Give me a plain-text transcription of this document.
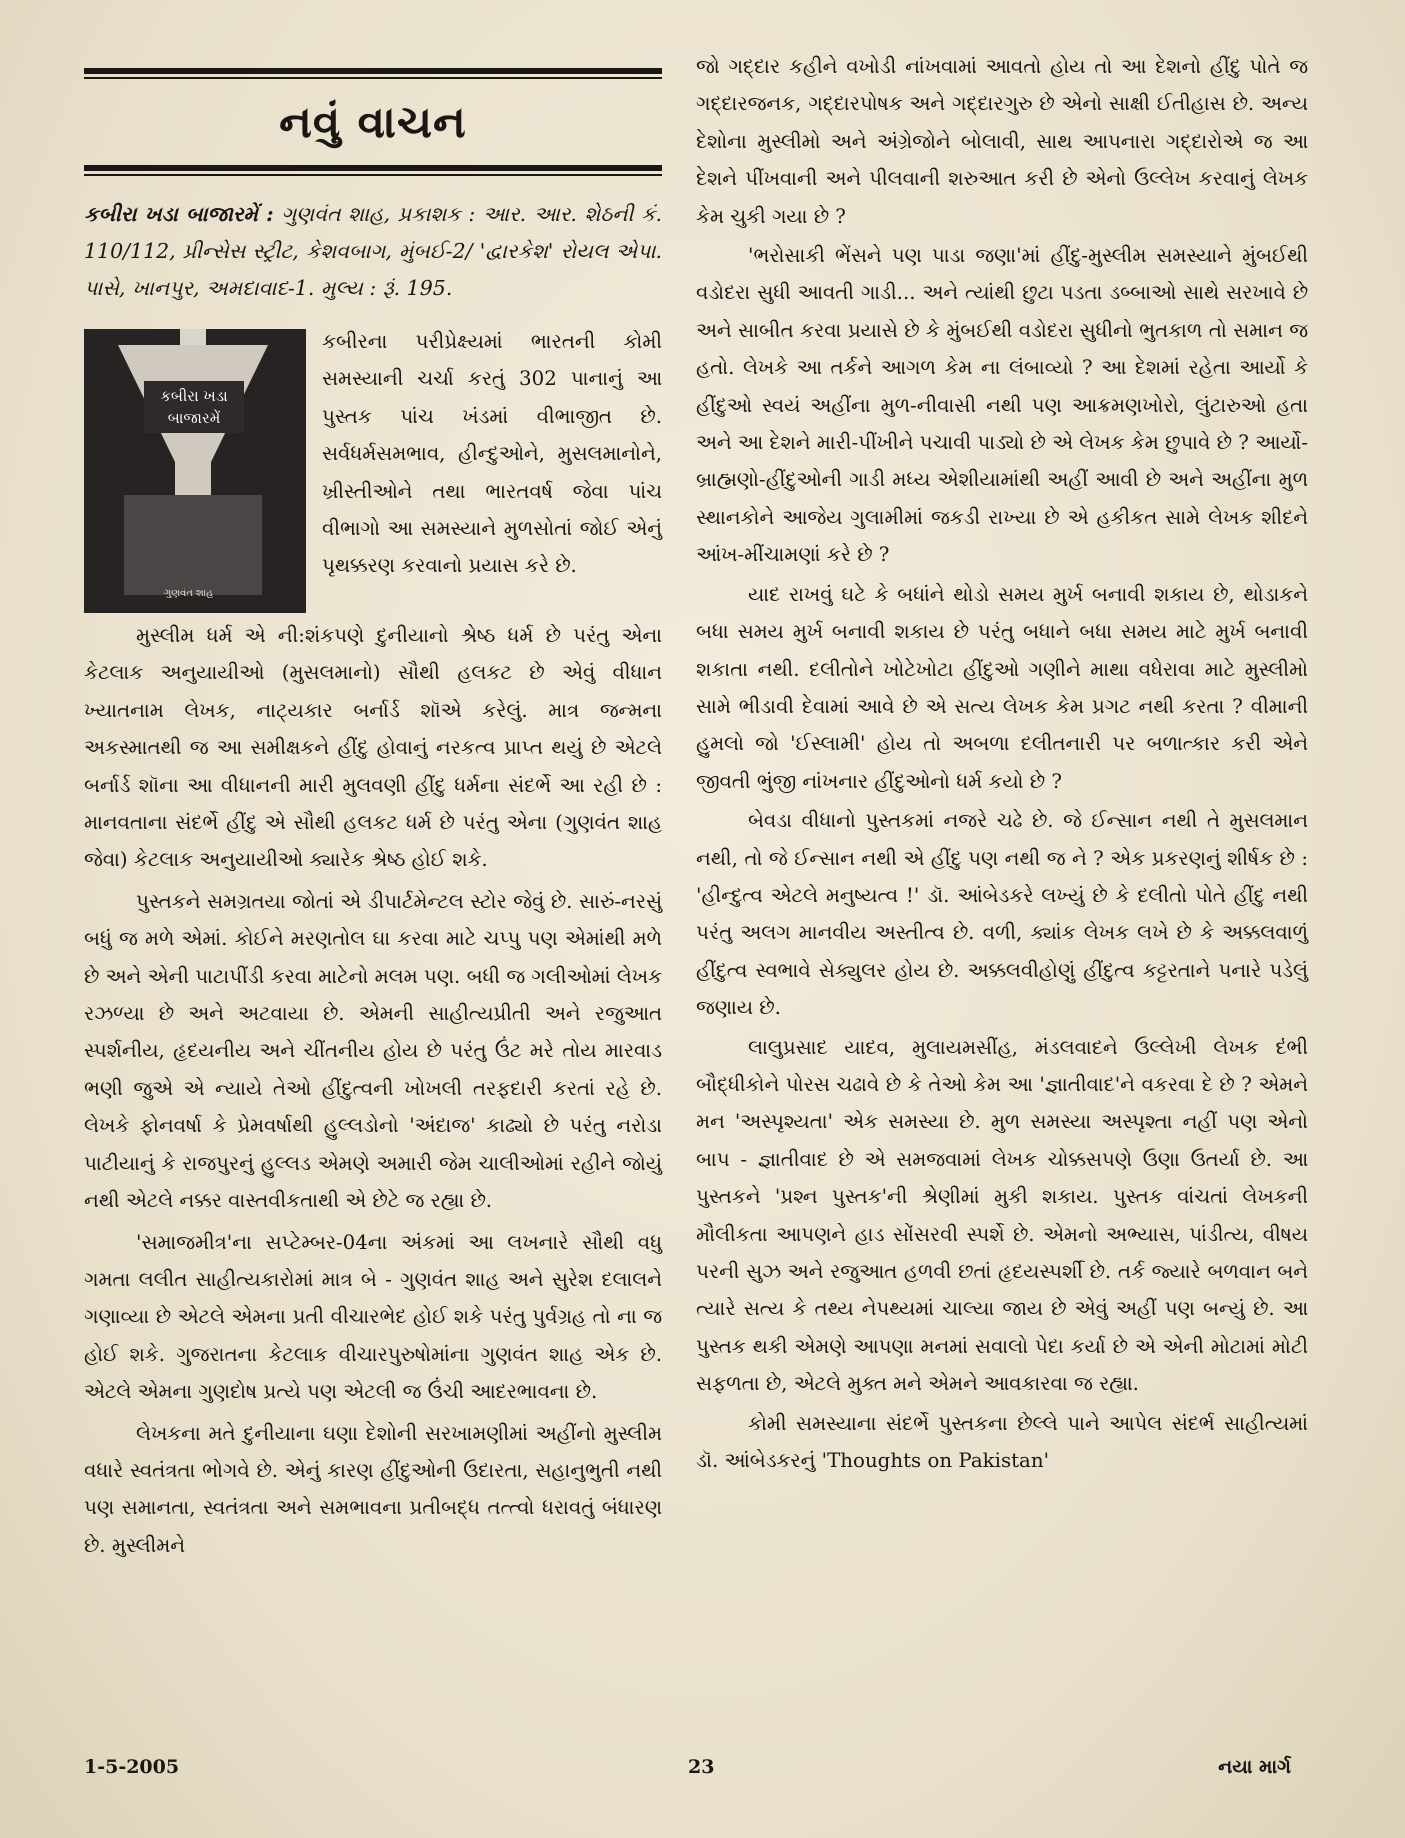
નવું વાચન
કબીરા ખડા બાજારમેં : ગુણવંત શાહ, પ્રકાશક : આર. આર. શેઠની કં. 110/112, પ્રીન્સેસ સ્ટ્રીટ, કેશવબાગ, મુંબઈ-2/ 'દ્વારકેશ' રોયલ એપા. પાસે, ખાનપુર, અમદાવાદ-1. મુલ્ય : રૂં. 195.
કબીરા ખડા બાજારમેં
ગુણવંત શાહ
કબીરના પરીપ્રેક્ષ્યમાં ભારતની કોમી સમસ્યાની ચર્ચા કરતું 302 પાનાનું આ પુસ્તક પાંચ ખંડમાં વીભાજીત છે. સર્વધર્મસમભાવ, હીન્દુઓને, મુસલમાનોને, ખ્રીસ્તીઓને તથા ભારતવર્ષ જેવા પાંચ વીભાગો આ સમસ્યાને મુળસોતાં જોઈ એનું પૃથક્કરણ કરવાનો પ્રયાસ કરે છે.

મુસ્લીમ ધર્મ એ ની:શંકપણે દુનીયાનો શ્રેષ્ઠ ધર્મ છે પરંતુ એના કેટલાક અનુયાયીઓ (મુસલમાનો) સૌથી હલકટ છે એવું વીધાન ખ્યાતનામ લેખક, નાટ્યકાર બર્નાર્ડ શૉએ કરેલું. માત્ર જન્મના અકસ્માતથી જ આ સમીક્ષકને હીંદુ હોવાનું નરકત્વ પ્રાપ્ત થયું છે એટલે બર્નાર્ડ શૉના આ વીધાનની મારી મુલવણી હીંદુ ધર્મના સંદર્ભે આ રહી છે : માનવતાના સંદર્ભે હીંદુ એ સૌથી હલકટ ધર્મ છે પરંતુ એના (ગુણવંત શાહ જેવા) કેટલાક અનુયાયીઓ ક્યારેક શ્રેષ્ઠ હોઈ શકે.

પુસ્તકને સમગ્રતયા જોતાં એ ડીપાર્ટમેન્ટલ સ્ટોર જેવું છે. સારું-નરસું બધું જ મળે એમાં. કોઈને મરણતોલ ઘા કરવા માટે ચપ્પુ પણ એમાંથી મળે છે અને એની પાટાપીંડી કરવા માટેનો મલમ પણ. બધી જ ગલીઓમાં લેખક રઝળ્યા છે અને અટવાયા છે. એમની સાહીત્યપ્રીતી અને રજુઆત સ્પર્શનીય, હૃદયનીય અને ચીંતનીય હોય છે પરંતુ ઉંટ મરે તોય મારવાડ ભણી જુએ એ ન્યાયે તેઓ હીંદુત્વની ખોખલી તરફદારી કરતાં રહે છે. લેખકે ફોનવર્ષા કે પ્રેમવર્ષાથી હુલ્લડોનો 'અંદાજ' કાઢ્યો છે પરંતુ નરોડા પાટીયાનું કે રાજપુરનું હુલ્લડ એમણે અમારી જેમ ચાલીઓમાં રહીને જોયું નથી એટલે નક્કર વાસ્તવીકતાથી એ છેટે જ રહ્યા છે.

'સમાજમીત્ર'ના સપ્ટેમ્બર-04ના અંકમાં આ લખનારે સૌથી વધુ ગમતા લલીત સાહીત્યકારોમાં માત્ર બે - ગુણવંત શાહ અને સુરેશ દલાલને ગણાવ્યા છે એટલે એમના પ્રતી વીચારભેદ હોઈ શકે પરંતુ પુર્વગ્રહ તો ના જ હોઈ શકે. ગુજરાતના કેટલાક વીચારપુરુષોમાંના ગુણવંત શાહ એક છે. એટલે એમના ગુણદોષ પ્રત્યે પણ એટલી જ ઉંચી આદરભાવના છે.

લેખકના મતે દુનીયાના ઘણા દેશોની સરખામણીમાં અહીંનો મુસ્લીમ વધારે સ્વતંત્રતા ભોગવે છે. એનું કારણ હીંદુઓની ઉદારતા, સહાનુભુતી નથી પણ સમાનતા, સ્વતંત્રતા અને સમભાવના પ્રતીબદ્ધ તત્ત્વો ધરાવતું બંધારણ છે. મુસ્લીમને

જો ગદ્દાર કહીને વખોડી નાંખવામાં આવતો હોય તો આ દેશનો હીંદુ પોતે જ ગદ્દારજનક, ગદ્દારપોષક અને ગદ્દારગુરુ છે એનો સાક્ષી ઈતીહાસ છે. અન્ય દેશોના મુસ્લીમો અને અંગ્રેજોને બોલાવી, સાથ આપનારા ગદ્દારોએ જ આ દેશને પીંખવાની અને પીલવાની શરુઆત કરી છે એનો ઉલ્લેખ કરવાનું લેખક કેમ ચુકી ગયા છે ?

'ભરોસાકી ભેંસને પણ પાડા જણા'માં હીંદુ-મુસ્લીમ સમસ્યાને મુંબઈથી વડોદરા સુધી આવતી ગાડી... અને ત્યાંથી છુટા પડતા ડબ્બાઓ સાથે સરખાવે છે અને સાબીત કરવા પ્રયાસે છે કે મુંબઈથી વડોદરા સુધીનો ભુતકાળ તો સમાન જ હતો. લેખકે આ તર્કને આગળ કેમ ના લંબાવ્યો ? આ દેશમાં રહેતા આર્યો કે હીંદુઓ સ્વયં અહીંના મુળ-નીવાસી નથી પણ આક્રમણખોરો, લુંટારુઓ હતા અને આ દેશને મારી-પીંખીને પચાવી પાડ્યો છે એ લેખક કેમ છુપાવે છે ? આર્યો-બ્રાહ્મણો-હીંદુઓની ગાડી મધ્ય એશીયામાંથી અહીં આવી છે અને અહીંના મુળ સ્થાનકોને આજેય ગુલામીમાં જકડી રાખ્યા છે એ હકીકત સામે લેખક શીદને આંખ-મીંચામણાં કરે છે ?

યાદ રાખવું ઘટે કે બધાંને થોડો સમય મુર્ખ બનાવી શકાય છે, થોડાકને બધા સમય મુર્ખ બનાવી શકાય છે પરંતુ બધાને બધા સમય માટે મુર્ખ બનાવી શકાતા નથી. દલીતોને ખોટેખોટા હીંદુઓ ગણીને માથા વધેરાવા માટે મુસ્લીમો સામે ભીડાવી દેવામાં આવે છે એ સત્ય લેખક કેમ પ્રગટ નથી કરતા ? વીમાની હુમલો જો 'ઈસ્લામી' હોય તો અબળા દલીતનારી પર બળાત્કાર કરી એને જીવતી ભુંજી નાંખનાર હીંદુઓનો ધર્મ કયો છે ?

બેવડા વીધાનો પુસ્તકમાં નજરે ચઢે છે. જે ઈન્સાન નથી તે મુસલમાન નથી, તો જે ઈન્સાન નથી એ હીંદુ પણ નથી જ ને ? એક પ્રકરણનું શીર્ષક છે : 'હીન્દુત્વ એટલે મનુષ્યત્વ !' ડૉ. આંબેડકરે લખ્યું છે કે દલીતો પોતે હીંદુ નથી પરંતુ અલગ માનવીય અસ્તીત્વ છે. વળી, ક્યાંક લેખક લખે છે કે અક્કલવાળું હીંદુત્વ સ્વભાવે સેક્યુલર હોય છે. અક્કલવીહોણું હીંદુત્વ કટ્ટરતાને પનારે પડેલું જણાય છે.

લાલુપ્રસાદ યાદવ, મુલાયમસીંહ, મંડલવાદને ઉલ્લેખી લેખક દંભી બૌદ્ધીકોને પોરસ ચઢાવે છે કે તેઓ કેમ આ 'જ્ઞાતીવાદ'ને વકરવા દે છે ? એમને મન 'અસ્પૃશ્યતા' એક સમસ્યા છે. મુળ સમસ્યા અસ્પૃશ્તા નહીં પણ એનો બાપ - જ્ઞાતીવાદ છે એ સમજવામાં લેખક ચોક્કસપણે ઉણા ઉતર્યા છે. આ પુસ્તકને 'પ્રશ્ન પુસ્તક'ની શ્રેણીમાં મુકી શકાય. પુસ્તક વાંચતાં લેખકની મૌલીકતા આપણને હાડ સોંસરવી સ્પર્શે છે. એમનો અભ્યાસ, પાંડીત્ય, વીષય પરની સુઝ અને રજુઆત હળવી છતાં હૃદયસ્પર્શી છે. તર્ક જ્યારે બળવાન બને ત્યારે સત્ય કે તથ્ય નેપથ્યમાં ચાલ્યા જાય છે એવું અહીં પણ બન્યું છે. આ પુસ્તક થકી એમણે આપણા મનમાં સવાલો પેદા કર્યા છે એ એની મોટામાં મોટી સફળતા છે, એટલે મુક્ત મને એમને આવકારવા જ રહ્યા.

કોમી સમસ્યાના સંદર્ભે પુસ્તકના છેલ્લે પાને આપેલ સંદર્ભ સાહીત્યમાં ડૉ. આંબેડકરનું 'Thoughts on Pakistan'

1-5-2005	23	નયા માર્ગ
